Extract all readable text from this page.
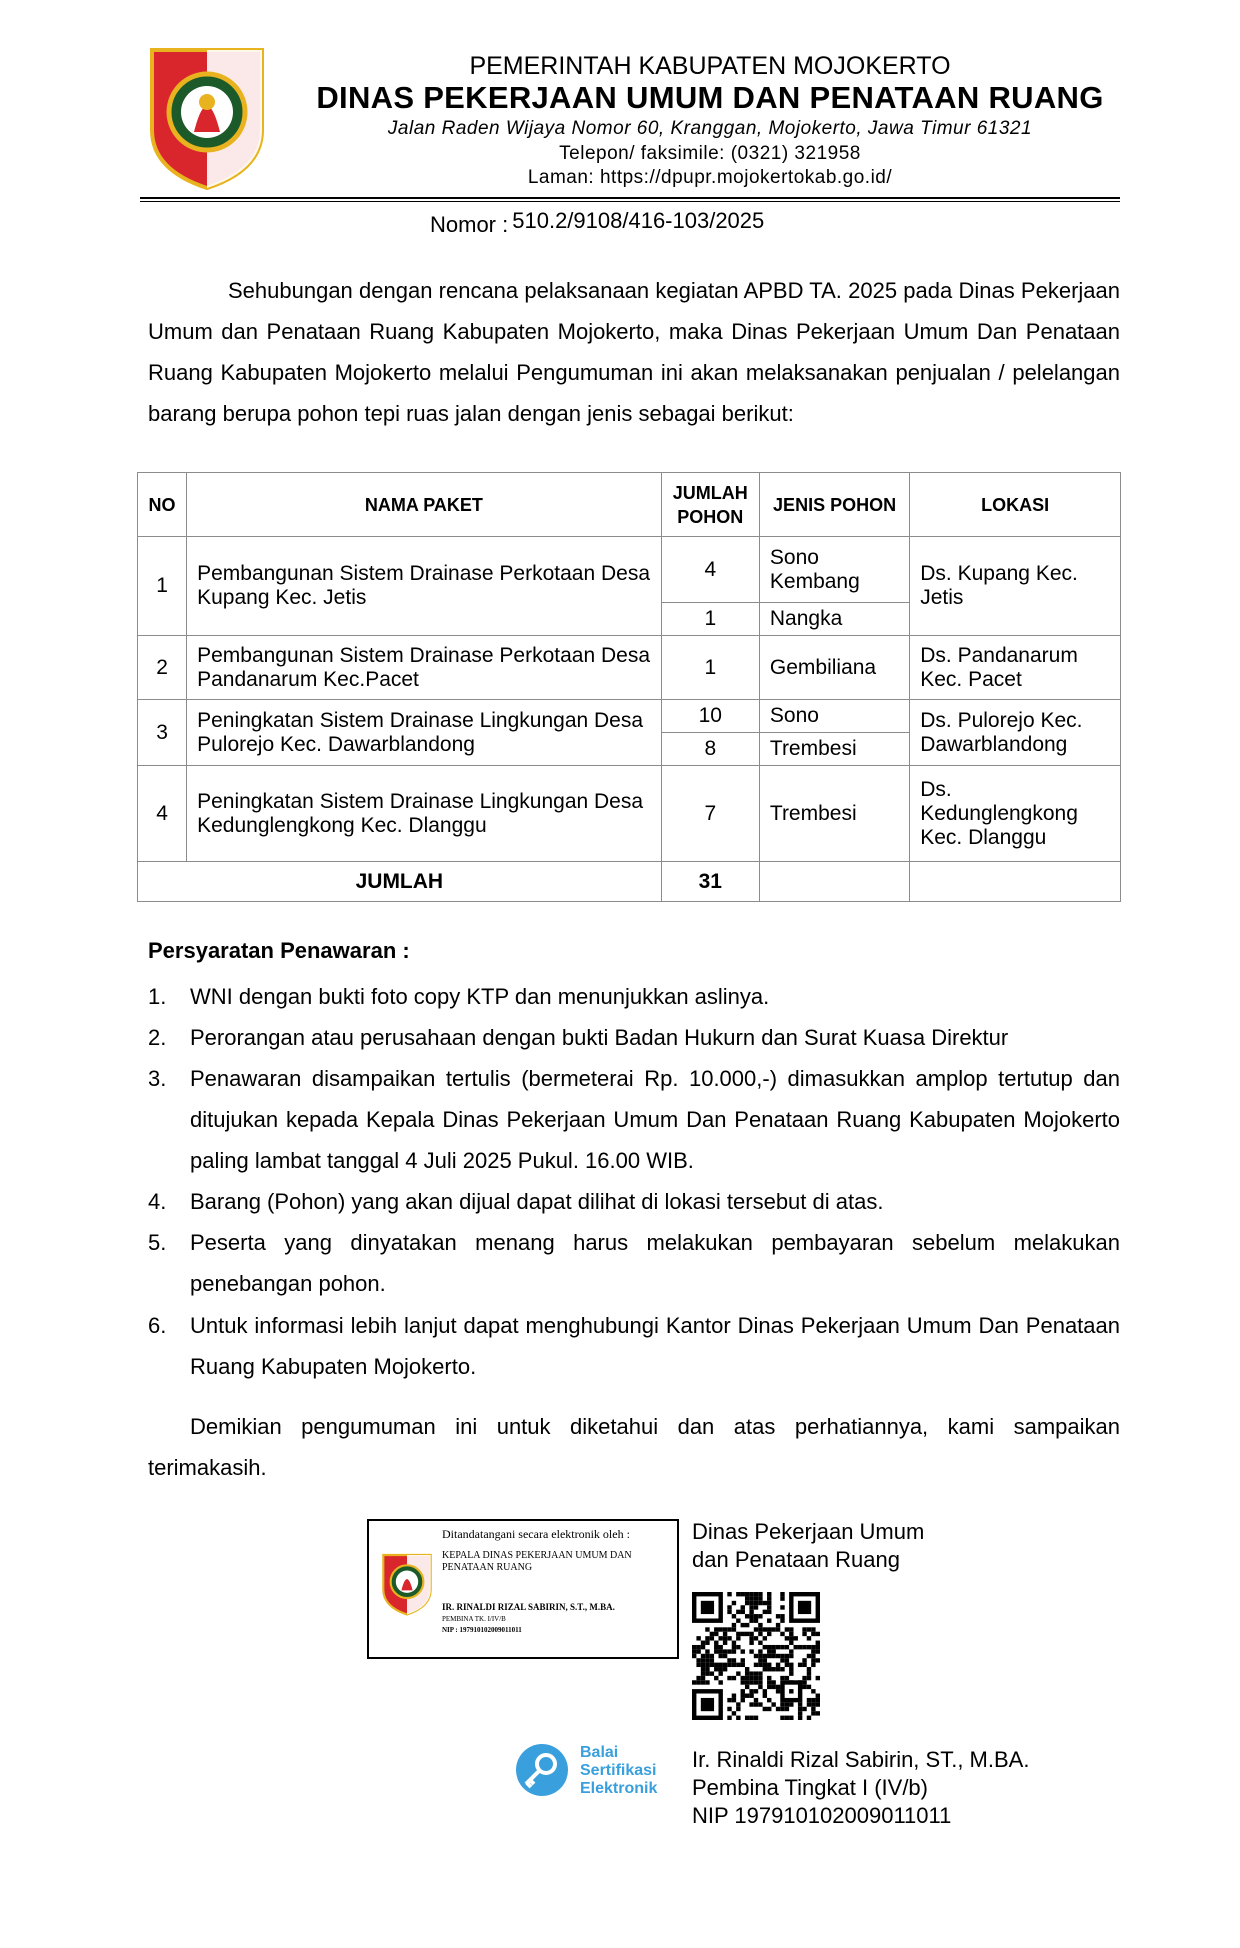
PEMERINTAH KABUPATEN MOJOKERTO
DINAS PEKERJAAN UMUM DAN PENATAAN RUANG
Jalan Raden Wijaya Nomor 60, Kranggan, Mojokerto, Jawa Timur 61321
Telepon/ faksimile: (0321) 321958
Laman: https://dpupr.mojokertokab.go.id/
Nomor : 510.2/9108/416-103/2025
Sehubungan dengan rencana pelaksanaan kegiatan APBD TA. 2025 pada Dinas Pekerjaan Umum dan Penataan Ruang Kabupaten Mojokerto, maka Dinas Pekerjaan Umum Dan Penataan Ruang Kabupaten Mojokerto melalui Pengumuman ini akan melaksanakan penjualan / pelelangan barang berupa pohon tepi ruas jalan dengan jenis sebagai berikut:
NO	NAMA PAKET	JUMLAH POHON	JENIS POHON	LOKASI
1	Pembangunan Sistem Drainase Perkotaan Desa Kupang Kec. Jetis	4	Sono Kembang	Ds. Kupang Kec. Jetis
		1	Nangka	
2	Pembangunan Sistem Drainase Perkotaan Desa Pandanarum Kec.Pacet	1	Gembiliana	Ds. Pandanarum Kec. Pacet
3	Peningkatan Sistem Drainase Lingkungan Desa Pulorejo Kec. Dawarblandong	10	Sono	Ds. Pulorejo Kec. Dawarblandong
		8	Trembesi	
4	Peningkatan Sistem Drainase Lingkungan Desa Kedunglengkong Kec. Dlanggu	7	Trembesi	Ds. Kedunglengkong Kec. Dlanggu
JUMLAH		31		
Persyaratan Penawaran :
1. WNI dengan bukti foto copy KTP dan menunjukkan aslinya.
2. Perorangan atau perusahaan dengan bukti Badan Hukurn dan Surat Kuasa Direktur
3. Penawaran disampaikan tertulis (bermeterai Rp. 10.000,-) dimasukkan amplop tertutup dan ditujukan kepada Kepala Dinas Pekerjaan Umum Dan Penataan Ruang Kabupaten Mojokerto paling lambat tanggal 4 Juli 2025 Pukul. 16.00 WIB.
4. Barang (Pohon) yang akan dijual dapat dilihat di lokasi tersebut di atas.
5. Peserta yang dinyatakan menang harus melakukan pembayaran sebelum melakukan penebangan pohon.
6. Untuk informasi lebih lanjut dapat menghubungi Kantor Dinas Pekerjaan Umum Dan Penataan Ruang Kabupaten Mojokerto.
Demikian pengumuman ini untuk diketahui dan atas perhatiannya, kami sampaikan terimakasih.
Ditandatangani secara elektronik oleh :
KEPALA DINAS PEKERJAAN UMUM DAN PENATAAN RUANG
IR. RINALDI RIZAL SABIRIN, S.T., M.BA.
PEMBINA TK. I/IV/B
NIP : 197910102009011011
Dinas Pekerjaan Umum
dan Penataan Ruang
Balai
Sertifikasi
Elektronik
Ir. Rinaldi Rizal Sabirin, ST., M.BA.
Pembina Tingkat I (IV/b)
NIP 197910102009011011
